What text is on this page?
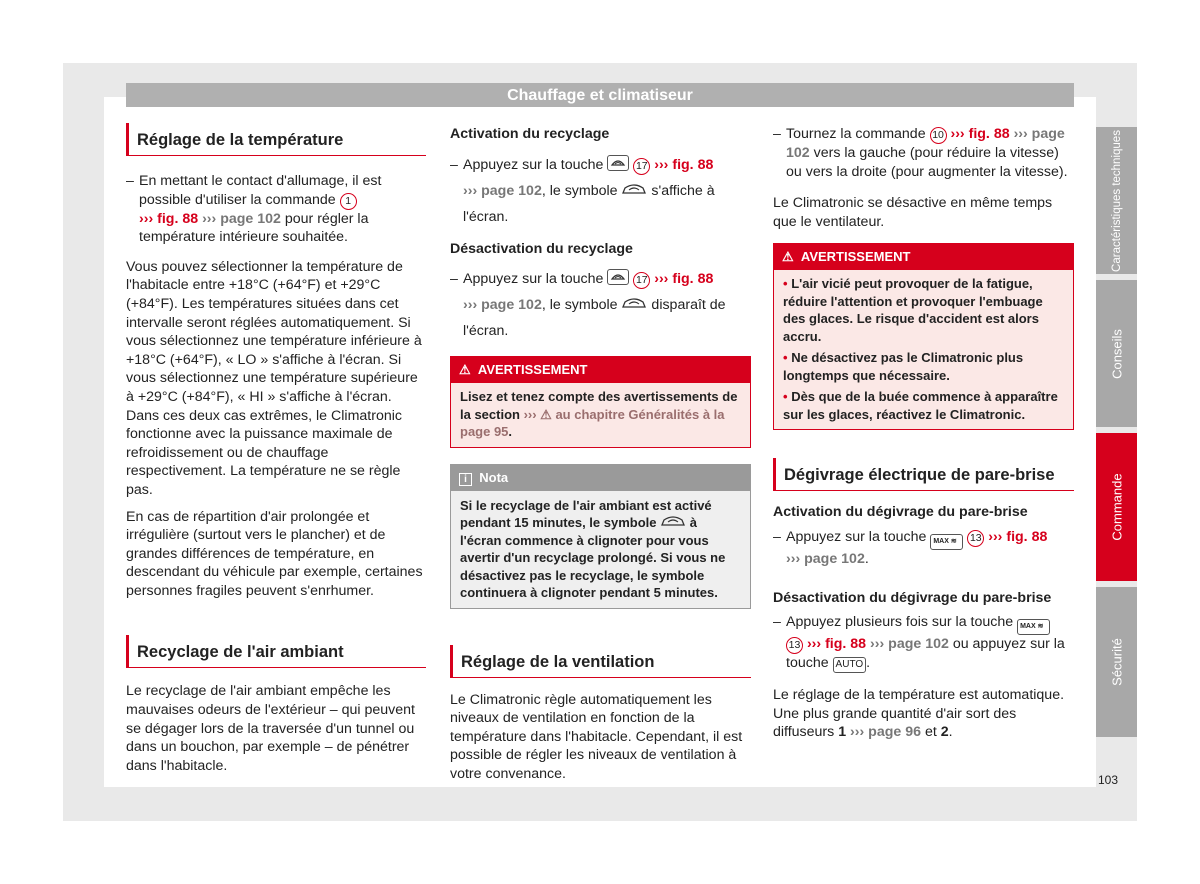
Chauffage et climatiseur
Réglage de la température
– En mettant le contact d'allumage, il est possible d'utiliser la commande 1
››› fig. 88 ››› page 102 pour régler la température intérieure souhaitée.

Vous pouvez sélectionner la température de l'habitacle entre +18°C (+64°F) et +29°C (+84°F). Les températures situées dans cet intervalle seront réglées automatiquement. Si vous sélectionnez une température inférieure à +18°C (+64°F), « LO » s'affiche à l'écran. Si vous sélectionnez une température supérieure à +29°C (+84°F), « HI » s'affiche à l'écran. Dans ces deux cas extrêmes, le Climatronic fonctionne avec la puissance maximale de refroidissement ou de chauffage respectivement. La température ne se règle pas.

En cas de répartition d'air prolongée et irrégulière (surtout vers le plancher) et de grandes différences de température, en descendant du véhicule par exemple, certaines personnes fragiles peuvent s'enrhumer.

Recyclage de l'air ambiant

Le recyclage de l'air ambiant empêche les mauvaises odeurs de l'extérieur – qui peuvent se dégager lors de la traversée d'un tunnel ou dans un bouchon, par exemple – de pénétrer dans l'habitacle.

Activation du recyclage
– Appuyez sur la touche	17 ››› fig. 88
››› page 102, le symbole  s'affiche à l'écran.
Désactivation du recyclage
– Appuyez sur la touche	17 ››› fig. 88
››› page 102, le symbole  disparaît de l'écran.
⚠ AVERTISSEMENT
Lisez et tenez compte des avertissements de la section ››› ⚠ au chapitre Généralités à la page 95.
i Nota
Si le recyclage de l'air ambiant est activé pendant 15 minutes, le symbole  à l'écran commence à clignoter pour vous avertir d'un recyclage prolongé. Si vous ne désactivez pas le recyclage, le symbole continuera à clignoter pendant 5 minutes.
Réglage de la ventilation

Le Climatronic règle automatiquement les niveaux de ventilation en fonction de la température dans l'habitacle. Cependant, il est possible de régler les niveaux de ventilation à votre convenance.

– Tournez la commande 10 ››› fig. 88 ››› page 102 vers la gauche (pour réduire la vitesse) ou vers la droite (pour augmenter la vitesse).

Le Climatronic se désactive en même temps que le ventilateur.

⚠ AVERTISSEMENT
• L'air vicié peut provoquer de la fatigue, réduire l'attention et provoquer l'embuage des glaces. Le risque d'accident est alors accru.
• Ne désactivez pas le Climatronic plus longtemps que nécessaire.
• Dès que de la buée commence à apparaître sur les glaces, réactivez le Climatronic.
Dégivrage électrique de pare-brise
Activation du dégivrage du pare-brise
– Appuyez sur la touche MAX ≋ 13 ››› fig. 88
››› page 102.
Désactivation du dégivrage du pare-brise
– Appuyez plusieurs fois sur la touche MAX ≋
13 ››› fig. 88 ››› page 102 ou appuyez sur la touche AUTO .

Le réglage de la température est automatique. Une plus grande quantité d'air sort des diffuseurs 1 ››› page 96 et 2.

Caractéristiques techniques
Conseils
Commande
Sécurité
103
